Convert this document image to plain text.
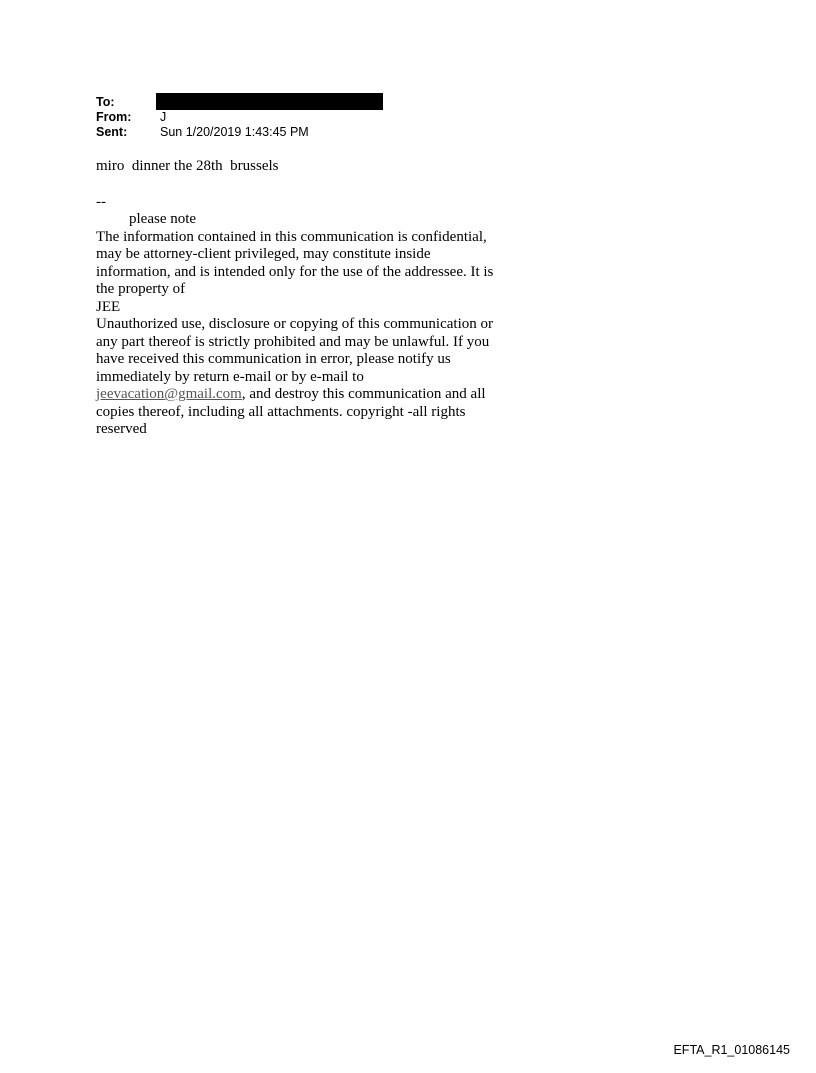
To:
From:	J
Sent:	Sun 1/20/2019 1:43:45 PM

miro  dinner the 28th  brussels

--

please note

The information contained in this communication is confidential, may be attorney-client privileged, may constitute inside information, and is intended only for the use of the addressee. It is the property of

JEE

Unauthorized use, disclosure or copying of this communication or any part thereof is strictly prohibited and may be unlawful. If you have received this communication in error, please notify us immediately by return e-mail or by e-mail to jeevacation@gmail.com, and destroy this communication and all copies thereof, including all attachments. copyright -all rights reserved

EFTA_R1_01086145
